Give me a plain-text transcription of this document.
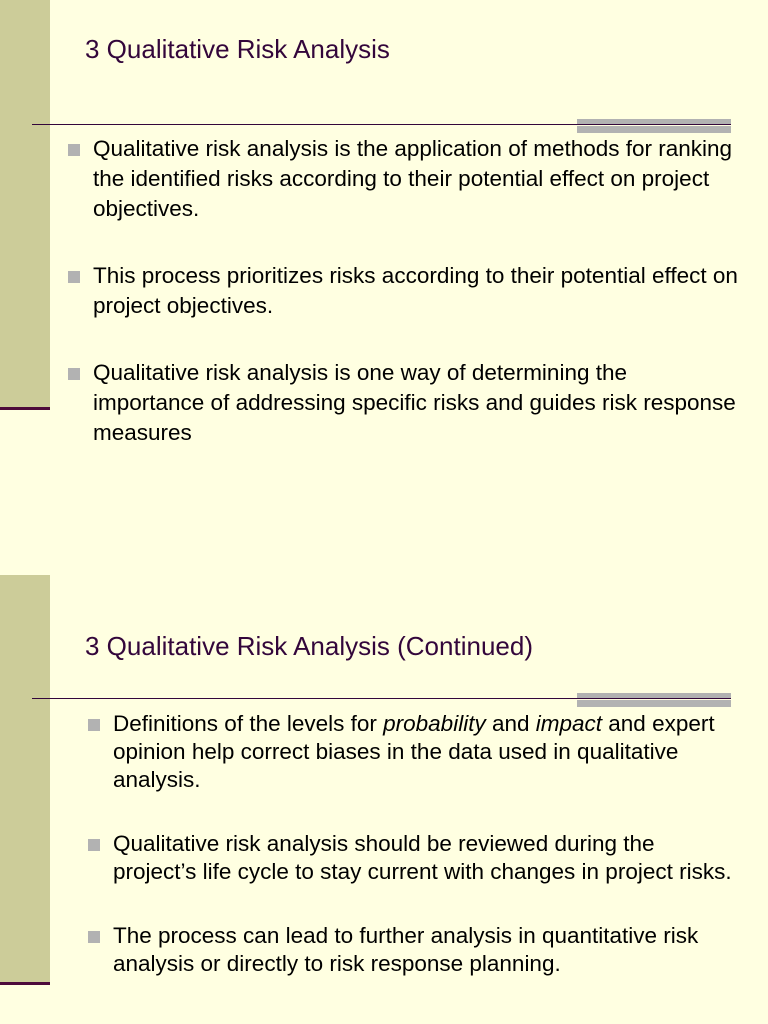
3 Qualitative Risk Analysis
Qualitative risk analysis is the application of methods for ranking the identified risks according to their potential effect on project objectives.
This process prioritizes risks according to their potential effect on project objectives.
Qualitative risk analysis is one way of determining the importance of addressing specific risks and guides risk response measures
3 Qualitative Risk Analysis (Continued)
Definitions of the levels for probability and impact and expert opinion help correct biases in the data used in qualitative analysis.
Qualitative risk analysis should be reviewed during the project’s life cycle to stay current with changes in project risks.
The process can lead to further analysis in quantitative risk analysis or directly to risk response planning.
